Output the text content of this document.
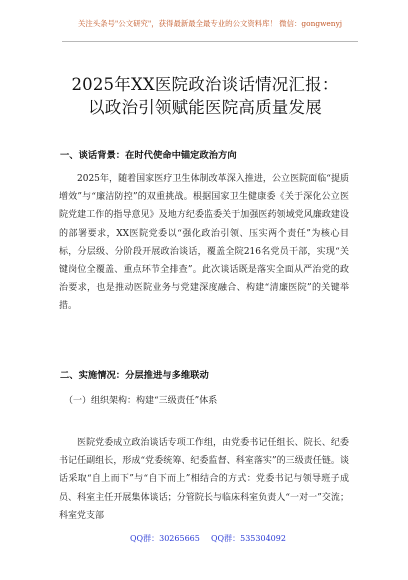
关注头条号"公文研究"，获得最新最全最专业的公文资料库！ 微信：gongwenyj
2025年XX医院政治谈话情况汇报：
以政治引领赋能医院高质量发展
一、谈话背景：在时代使命中锚定政治方向
2025年，随着国家医疗卫生体制改革深入推进，公立医院面临“提质增效”与“廉洁防控”的双重挑战。根据国家卫生健康委《关于深化公立医院党建工作的指导意见》及地方纪委监委关于加强医药领域党风廉政建设的部署要求，XX医院党委以“强化政治引领、压实两个责任”为核心目标，分层级、分阶段开展政治谈话，覆盖全院216名党员干部，实现“关键岗位全覆盖、重点环节全排查”。此次谈话既是落实全面从严治党的政治要求，也是推动医院业务与党建深度融合、构建“清廉医院”的关键举措。
二、实施情况：分层推进与多维联动
（一）组织架构：构建“三级责任”体系
医院党委成立政治谈话专项工作组，由党委书记任组长、院长、纪委书记任副组长，形成“党委统筹、纪委监督、科室落实”的三级责任链。谈话采取“自上而下”与“自下而上”相结合的方式：党委书记与领导班子成员、科室主任开展集体谈话；分管院长与临床科室负责人“一对一”交流；科室党支部
QQ群：30265665 QQ群：535304092
